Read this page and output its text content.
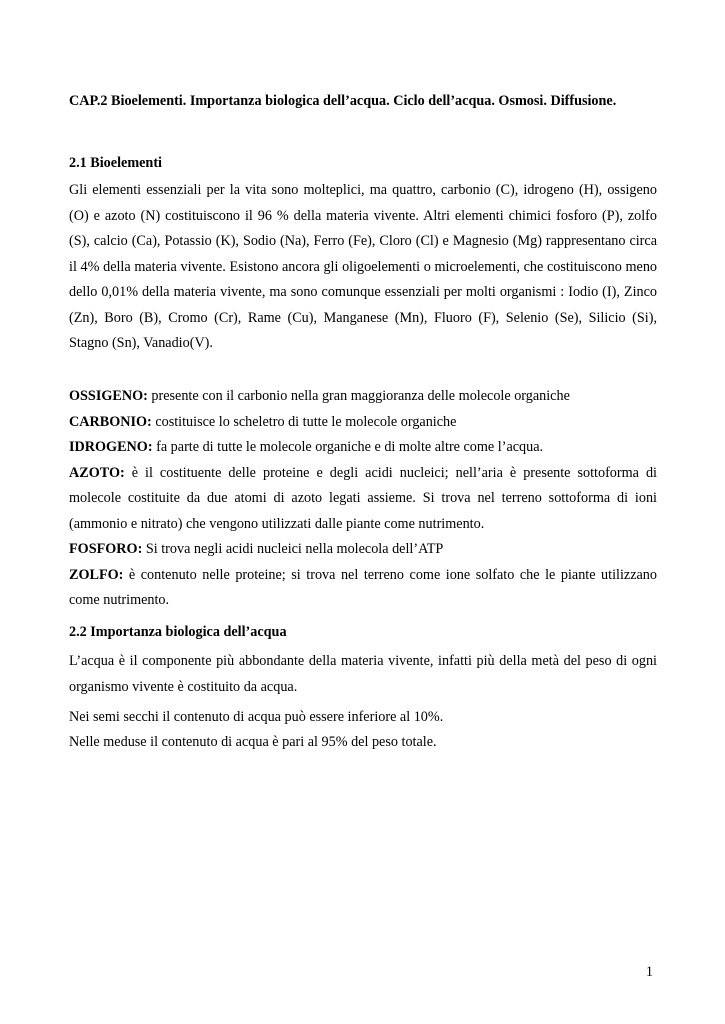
CAP.2 Bioelementi. Importanza biologica dell’acqua. Ciclo dell’acqua. Osmosi. Diffusione.
2.1 Bioelementi

Gli elementi essenziali per la vita sono molteplici, ma quattro, carbonio (C), idrogeno (H), ossigeno (O) e azoto (N) costituiscono il 96 % della materia vivente. Altri elementi chimici fosforo (P), zolfo (S), calcio (Ca), Potassio (K), Sodio (Na), Ferro (Fe), Cloro (Cl) e Magnesio (Mg) rappresentano circa il 4% della materia vivente. Esistono ancora gli oligoelementi o microelementi, che costituiscono meno dello 0,01% della materia vivente, ma sono comunque essenziali per molti organismi : Iodio (I), Zinco (Zn), Boro (B), Cromo (Cr), Rame (Cu), Manganese (Mn), Fluoro (F), Selenio (Se), Silicio (Si), Stagno (Sn), Vanadio(V).

OSSIGENO: presente con il carbonio nella gran maggioranza delle molecole organiche
CARBONIO: costituisce lo scheletro di tutte le molecole organiche
IDROGENO: fa parte di tutte le molecole organiche e di molte altre come l’acqua.
AZOTO: è il costituente delle proteine e degli acidi nucleici; nell’aria è presente sottoforma di molecole costituite da due atomi di azoto legati assieme. Si trova nel terreno sottoforma di ioni (ammonio e nitrato) che vengono utilizzati dalle piante come nutrimento.
FOSFORO: Si trova negli acidi nucleici nella molecola dell’ATP
ZOLFO: è contenuto nelle proteine; si trova nel terreno come ione solfato che le piante utilizzano come nutrimento.
2.2 Importanza biologica dell’acqua

L’acqua è il componente più abbondante della materia vivente, infatti più della metà del peso di ogni organismo vivente è costituito da acqua.

Nei semi secchi il contenuto di acqua può essere inferiore al 10%.

Nelle meduse il contenuto di acqua è pari al 95% del peso totale.

1
